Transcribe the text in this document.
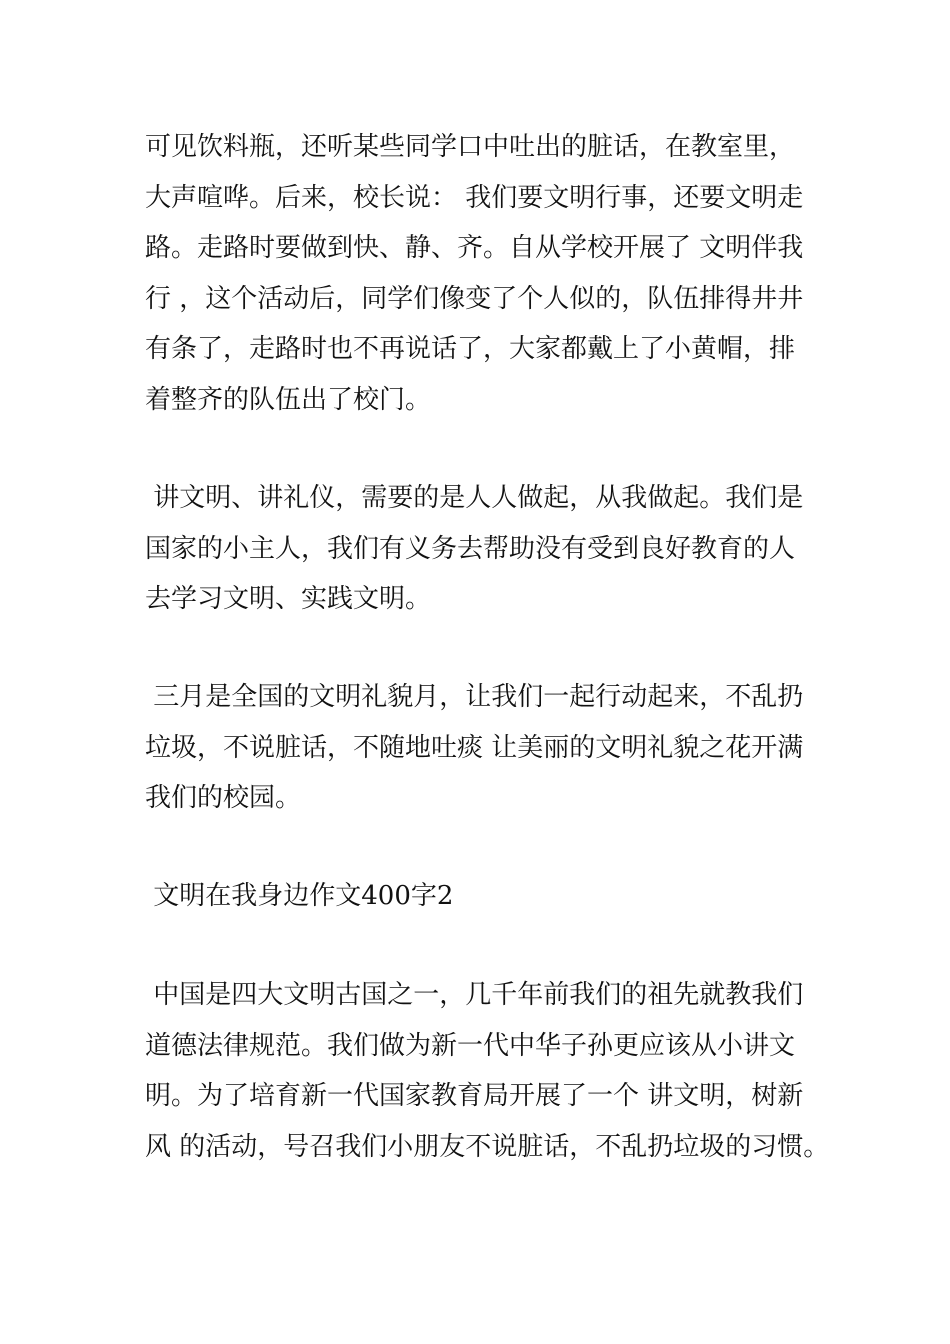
可见饮料瓶，还听某些同学口中吐出的脏话，在教室里，

大声喧哗。后来，校长说： 我们要文明行事，还要文明走

路。走路时要做到快、静、齐。自从学校开展了 文明伴我

行 ，这个活动后，同学们像变了个人似的，队伍排得井井

有条了，走路时也不再说话了，大家都戴上了小黄帽，排

着整齐的队伍出了校门。

讲文明、讲礼仪，需要的是人人做起，从我做起。我们是

国家的小主人，我们有义务去帮助没有受到良好教育的人

去学习文明、实践文明。

三月是全国的文明礼貌月，让我们一起行动起来，不乱扔

垃圾，不说脏话，不随地吐痰 让美丽的文明礼貌之花开满

我们的校园。

文明在我身边作文400字2

中国是四大文明古国之一，几千年前我们的祖先就教我们

道德法律规范。我们做为新一代中华子孙更应该从小讲文

明。为了培育新一代国家教育局开展了一个 讲文明，树新

风 的活动，号召我们小朋友不说脏话，不乱扔垃圾的习惯。
